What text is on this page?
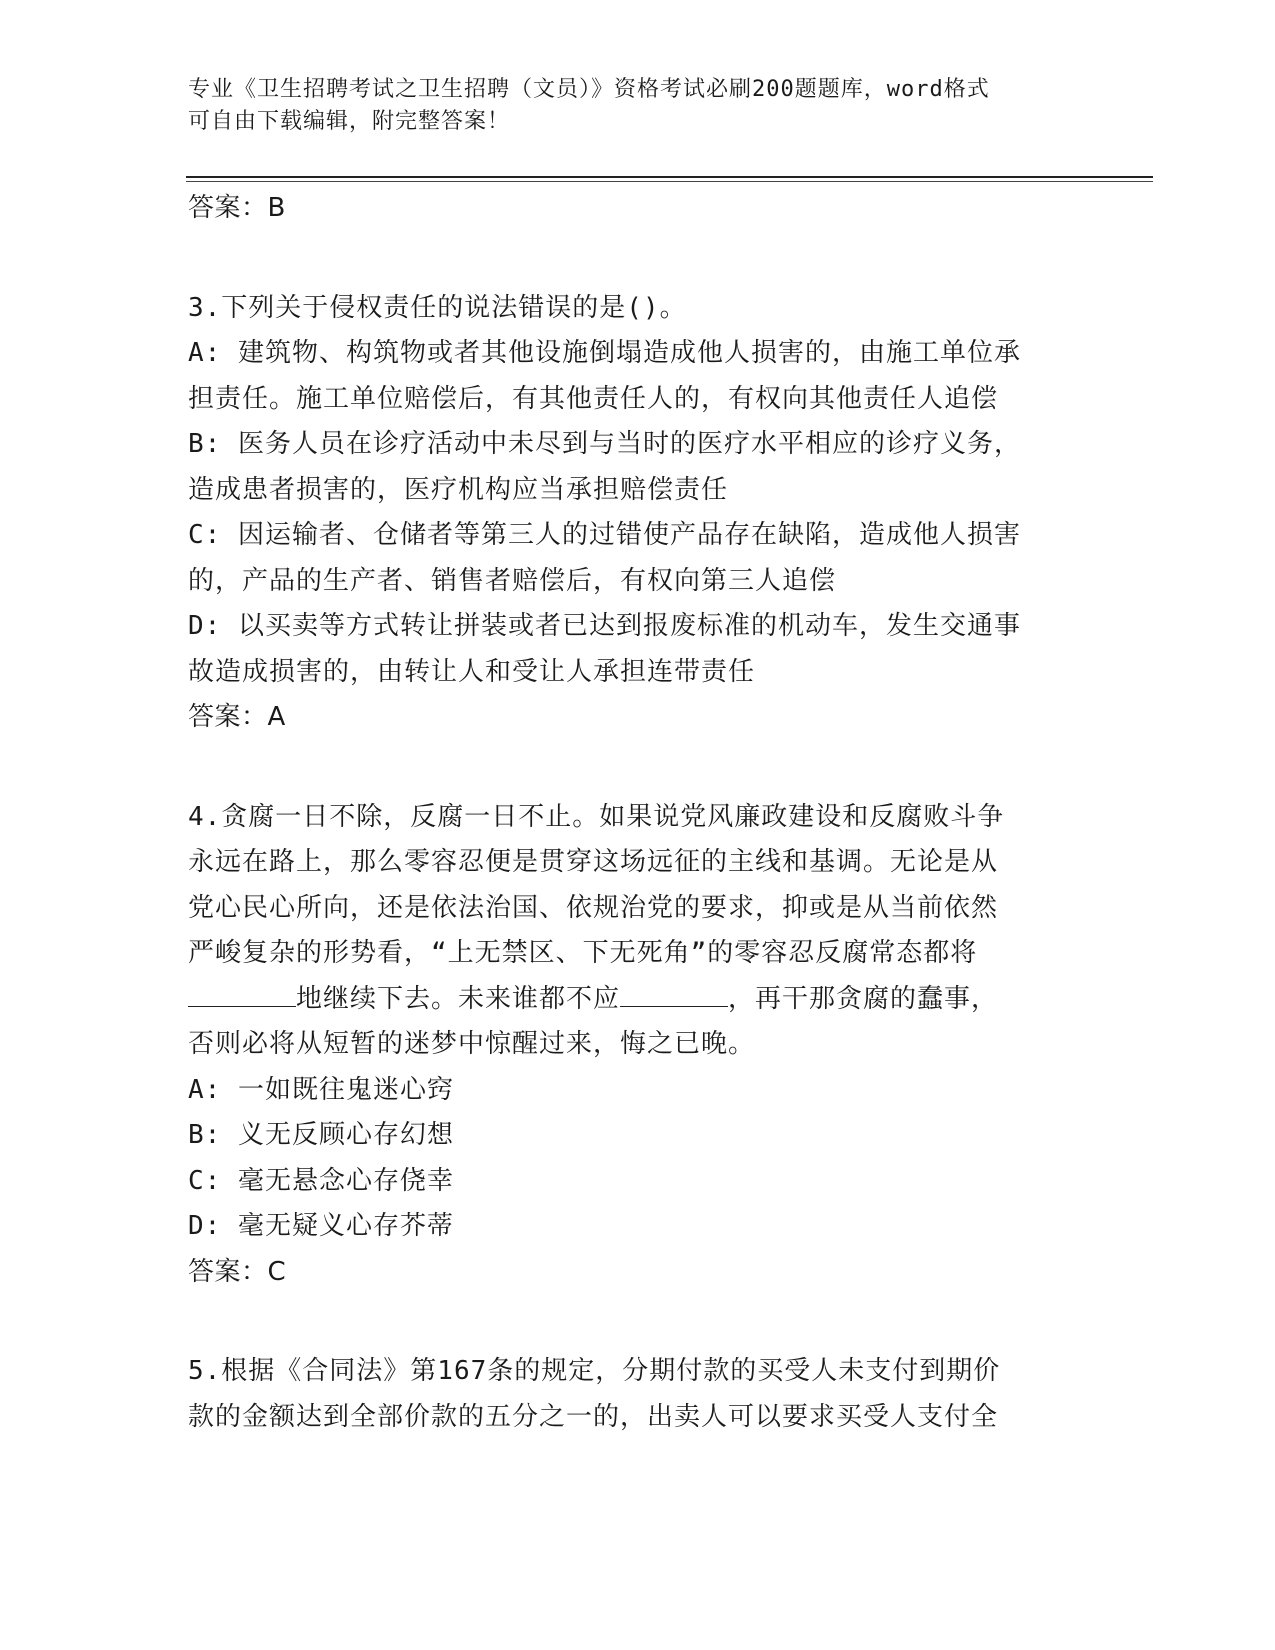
专业《卫生招聘考试之卫生招聘（文员）》资格考试必刷200题题库，word格式
可自由下载编辑，附完整答案！

答案：B

3.下列关于侵权责任的说法错误的是()。

A: 建筑物、构筑物或者其他设施倒塌造成他人损害的，由施工单位承

担责任。施工单位赔偿后，有其他责任人的，有权向其他责任人追偿

B: 医务人员在诊疗活动中未尽到与当时的医疗水平相应的诊疗义务，

造成患者损害的，医疗机构应当承担赔偿责任

C: 因运输者、仓储者等第三人的过错使产品存在缺陷，造成他人损害

的，产品的生产者、销售者赔偿后，有权向第三人追偿

D: 以买卖等方式转让拼装或者已达到报废标准的机动车，发生交通事

故造成损害的，由转让人和受让人承担连带责任

答案：A

4.贪腐一日不除，反腐一日不止。如果说党风廉政建设和反腐败斗争

永远在路上，那么零容忍便是贯穿这场远征的主线和基调。无论是从

党心民心所向，还是依法治国、依规治党的要求，抑或是从当前依然

严峻复杂的形势看，“上无禁区、下无死角”的零容忍反腐常态都将

地继续下去。未来谁都不应	，再干那贪腐的蠢事，

否则必将从短暂的迷梦中惊醒过来，悔之已晚。

A: 一如既往鬼迷心窍

B: 义无反顾心存幻想

C: 毫无悬念心存侥幸

D: 毫无疑义心存芥蒂

答案：C

5.根据《合同法》第167条的规定，分期付款的买受人未支付到期价

款的金额达到全部价款的五分之一的，出卖人可以要求买受人支付全
